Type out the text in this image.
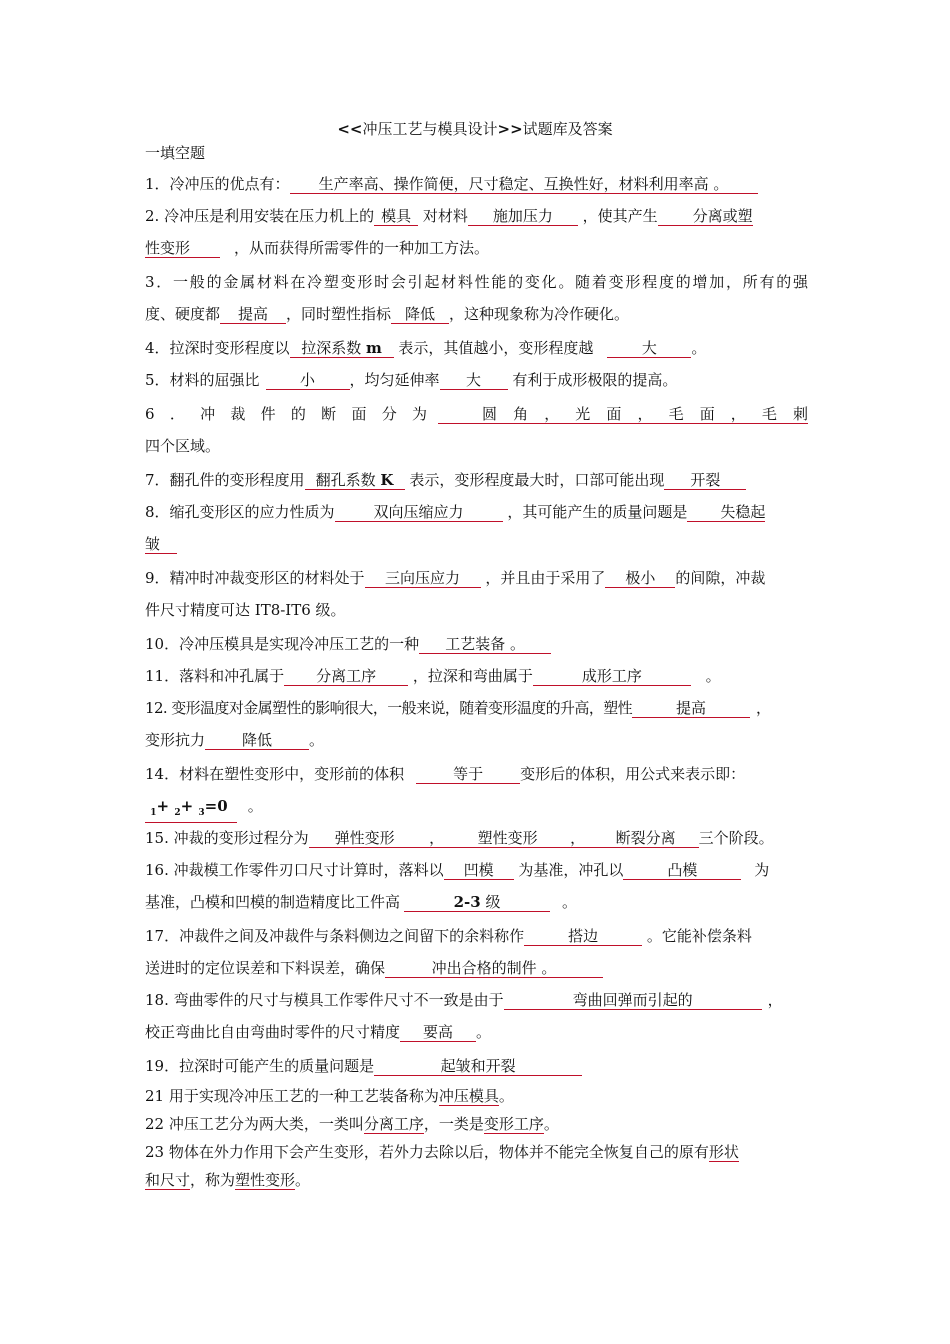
<<冲压工艺与模具设计>>试题库及答案
一填空题
1．冷冲压的优点有： 生产率高、操作简便，尺寸稳定、互换性好，材料利用率高 。
2. 冷冲压是利用安装在压力机上的 模具 对材料 施加压力 ，使其产生 分离或塑
性变形	，从而获得所需零件的一种加工方法。
3．一般的金属材料在冷塑变形时会引起材料性能的变化。随着变形程度的增加，所有的强
度、硬度都 提高 ，同时塑性指标 降低 ，这种现象称为冷作硬化。
4．拉深时变形程度以 拉深系数 m 表示，其值越小，变形程度越	大 。
5．材料的屈强比	小 ，均匀延伸率 大 有利于成形极限的提高。
6．冲裁件的断面分为	圆角，光面，毛面，毛刺
四个区域。
7．翻孔件的变形程度用 翻孔系数 K 表示，变形程度最大时，口部可能出现 开裂
8．缩孔变形区的应力性质为	双向压缩应力	，其可能产生的质量问题是 失稳起
皱
9．精冲时冲裁变形区的材料处于 三向压应力 ，并且由于采用了 极小 的间隙，冲裁
件尺寸精度可达 IT8-IT6 级。
10．冷冲压模具是实现冷冲压工艺的一种 工艺装备 。
11．落料和冲孔属于 分离工序 ，拉深和弯曲属于	成形工序	。
12. 变形温度对金属塑性的影响很大，一般来说，随着变形温度的升高，塑性	提高	，
变形抗力 降低 。
14．材料在塑性变形中，变形前的体积	等于 变形后的体积，用公式来表示即：
$_1$+ $_2$+ $_3$=0 。
15. 冲裁的变形过程分为 弹性变形 ， 塑性变形 ， 断裂分离 三个阶段。
16. 冲裁模工作零件刃口尺寸计算时，落料以 凹模 为基准，冲孔以	凸模	为
基准，凸模和凹模的制造精度比工件高	2-3 级	。
17．冲裁件之间及冲裁件与条料侧边之间留下的余料称作	搭边	。它能补偿条料
送进时的定位误差和下料误差，确保	冲出合格的制件 。
18. 弯曲零件的尺寸与模具工作零件尺寸不一致是由于	弯曲回弹而引起的	，
校正弯曲比自由弯曲时零件的尺寸精度 要高 。
19．拉深时可能产生的质量问题是	起皱和开裂
21 用于实现冷冲压工艺的一种工艺装备称为冲压模具。
22 冲压工艺分为两大类，一类叫分离工序，一类是变形工序。
23 物体在外力作用下会产生变形，若外力去除以后，物体并不能完全恢复自己的原有形状
和尺寸，称为塑性变形。
